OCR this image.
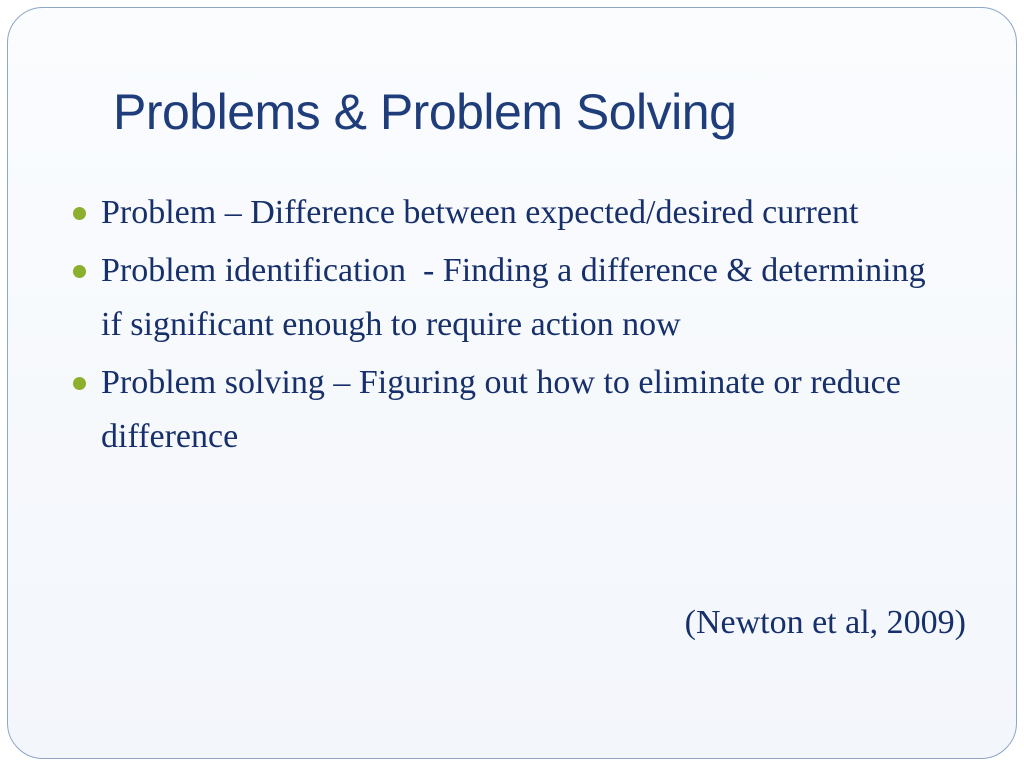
Problems & Problem Solving
Problem – Difference between expected/desired current
Problem identification  - Finding a difference & determining if significant enough to require action now
Problem solving – Figuring out how to eliminate or reduce difference

(Newton et al, 2009)
